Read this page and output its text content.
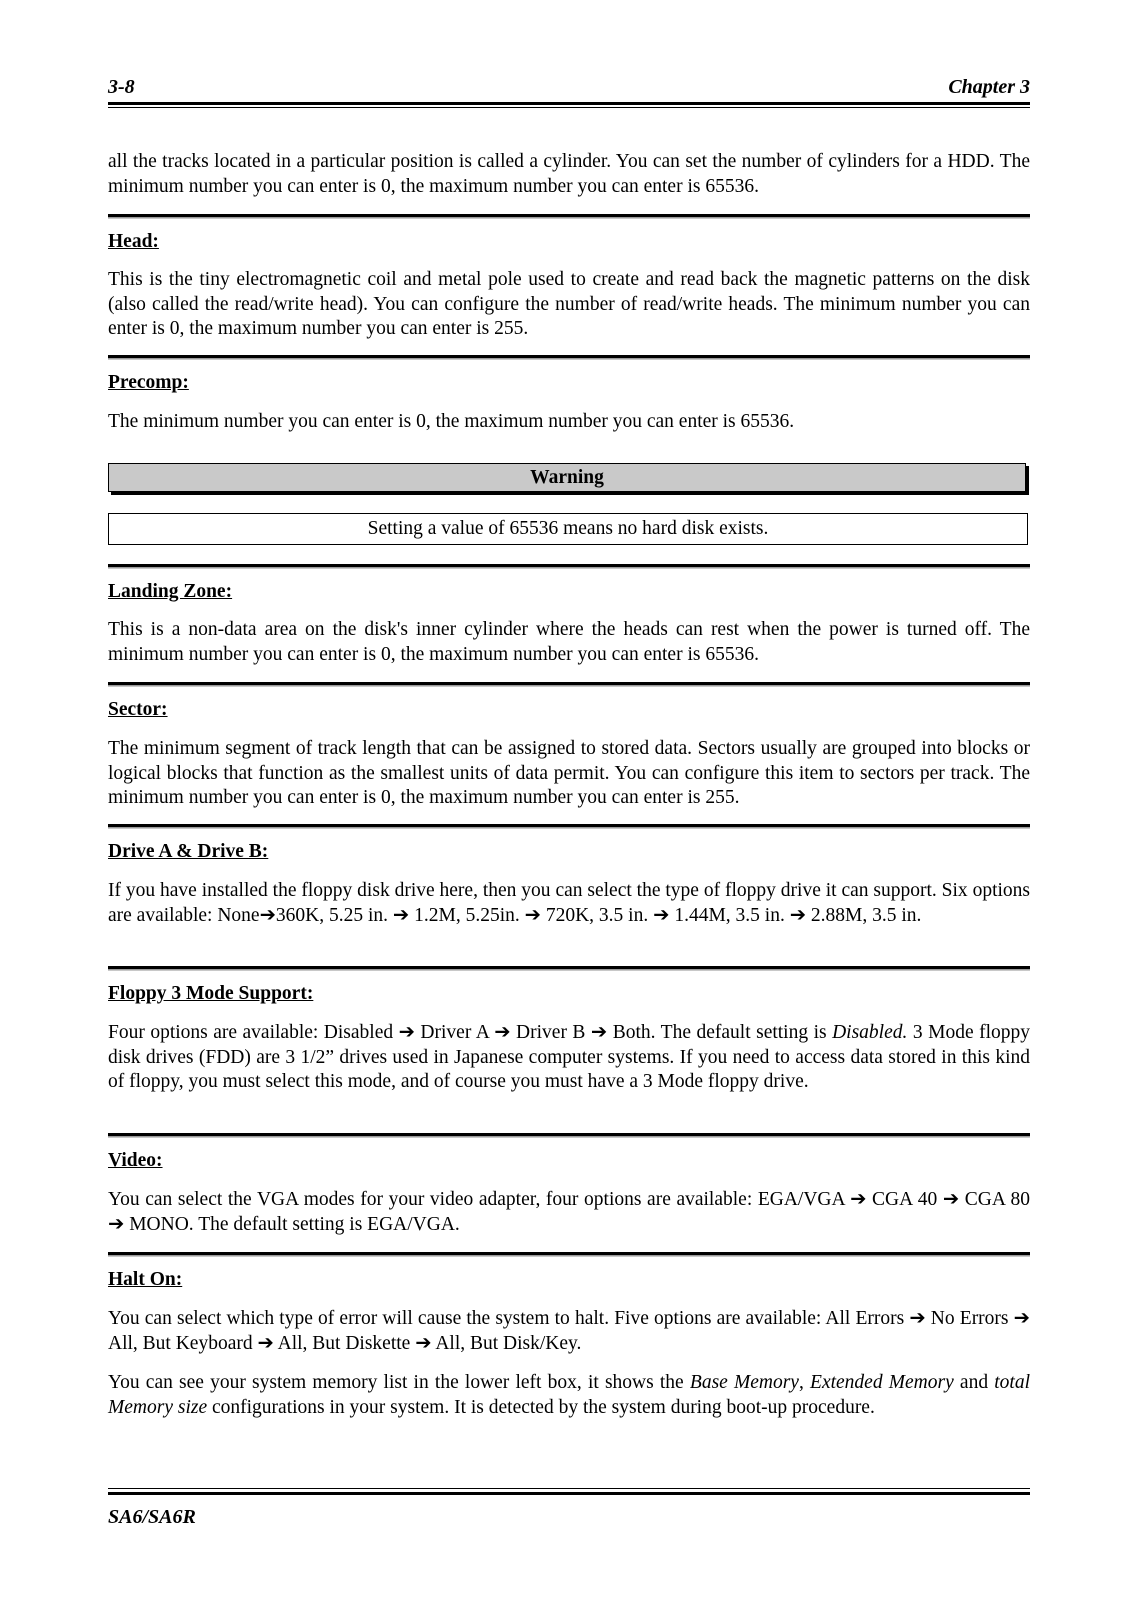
3-8	Chapter 3
all the tracks located in a particular position is called a cylinder. You can set the number of cylinders for a HDD. The minimum number you can enter is 0, the maximum number you can enter is 65536.
Head:
This is the tiny electromagnetic coil and metal pole used to create and read back the magnetic patterns on the disk (also called the read/write head). You can configure the number of read/write heads. The minimum number you can enter is 0, the maximum number you can enter is 255.
Precomp:
The minimum number you can enter is 0, the maximum number you can enter is 65536.
Warning
Setting a value of 65536 means no hard disk exists.
Landing Zone:
This is a non-data area on the disk's inner cylinder where the heads can rest when the power is turned off. The minimum number you can enter is 0, the maximum number you can enter is 65536.
Sector:
The minimum segment of track length that can be assigned to stored data. Sectors usually are grouped into blocks or logical blocks that function as the smallest units of data permit. You can configure this item to sectors per track. The minimum number you can enter is 0, the maximum number you can enter is 255.
Drive A & Drive B:
If you have installed the floppy disk drive here, then you can select the type of floppy drive it can support. Six options are available: None➔360K, 5.25 in. ➔ 1.2M, 5.25in. ➔ 720K, 3.5 in. ➔ 1.44M, 3.5 in. ➔ 2.88M, 3.5 in.
Floppy 3 Mode Support:
Four options are available: Disabled ➔ Driver A ➔ Driver B ➔ Both. The default setting is Disabled. 3 Mode floppy disk drives (FDD) are 3 1/2” drives used in Japanese computer systems. If you need to access data stored in this kind of floppy, you must select this mode, and of course you must have a 3 Mode floppy drive.
Video:
You can select the VGA modes for your video adapter, four options are available: EGA/VGA ➔ CGA 40 ➔ CGA 80 ➔ MONO. The default setting is EGA/VGA.
Halt On:
You can select which type of error will cause the system to halt. Five options are available: All Errors ➔ No Errors ➔ All, But Keyboard ➔ All, But Diskette ➔ All, But Disk/Key.
You can see your system memory list in the lower left box, it shows the Base Memory, Extended Memory and total Memory size configurations in your system. It is detected by the system during boot-up procedure.
SA6/SA6R
